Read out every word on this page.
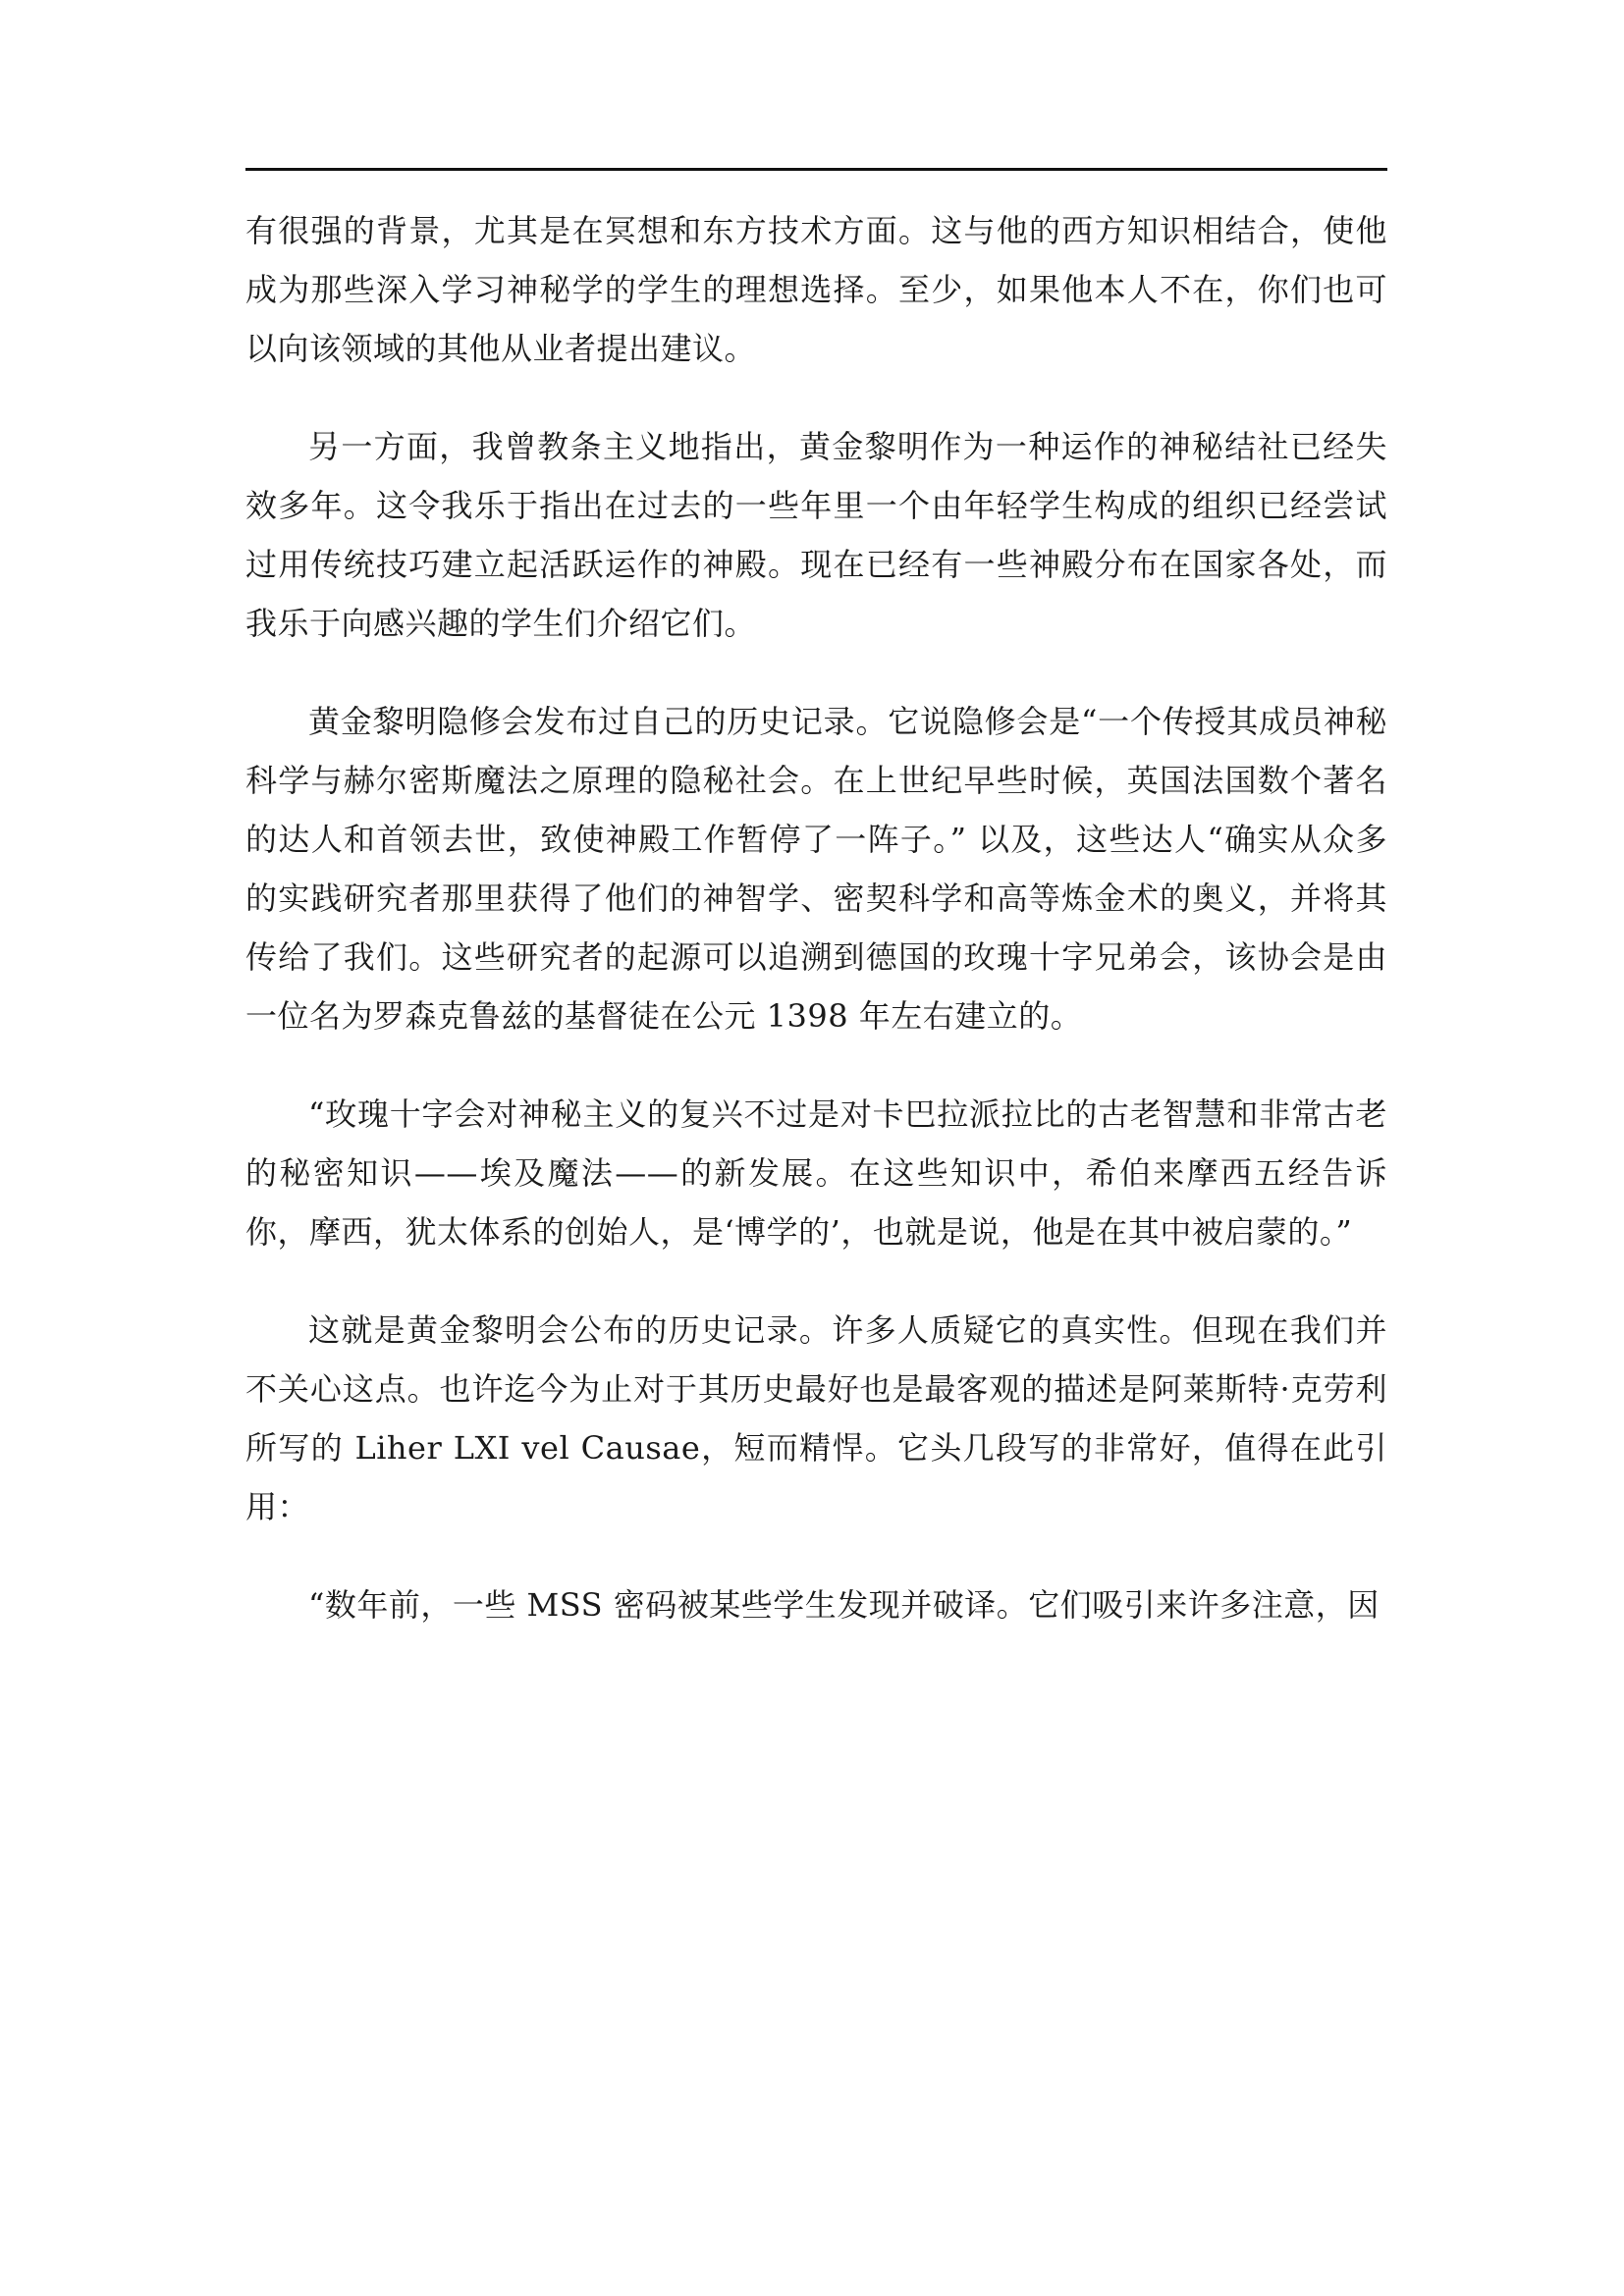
有很强的背景，尤其是在冥想和东方技术方面。这与他的西方知识相结合，使他成为那些深入学习神秘学的学生的理想选择。至少，如果他本人不在，你们也可以向该领域的其他从业者提出建议。

另一方面，我曾教条主义地指出，黄金黎明作为一种运作的神秘结社已经失效多年。这令我乐于指出在过去的一些年里一个由年轻学生构成的组织已经尝试过用传统技巧建立起活跃运作的神殿。现在已经有一些神殿分布在国家各处，而我乐于向感兴趣的学生们介绍它们。

黄金黎明隐修会发布过自己的历史记录。它说隐修会是“一个传授其成员神秘科学与赫尔密斯魔法之原理的隐秘社会。在上世纪早些时候，英国法国数个著名的达人和首领去世，致使神殿工作暂停了一阵子。” 以及，这些达人“确实从众多的实践研究者那里获得了他们的神智学、密契科学和高等炼金术的奥义，并将其传给了我们。这些研究者的起源可以追溯到德国的玫瑰十字兄弟会，该协会是由一位名为罗森克鲁兹的基督徒在公元 1398 年左右建立的。

“玫瑰十字会对神秘主义的复兴不过是对卡巴拉派拉比的古老智慧和非常古老的秘密知识——埃及魔法——的新发展。在这些知识中，希伯来摩西五经告诉你，摩西，犹太体系的创始人，是‘博学的’，也就是说，他是在其中被启蒙的。”

这就是黄金黎明会公布的历史记录。许多人质疑它的真实性。但现在我们并不关心这点。也许迄今为止对于其历史最好也是最客观的描述是阿莱斯特·克劳利所写的 Liher LXI vel Causae，短而精悍。它头几段写的非常好，值得在此引用：

“数年前，一些 MSS 密码被某些学生发现并破译。它们吸引来许多注意，因
